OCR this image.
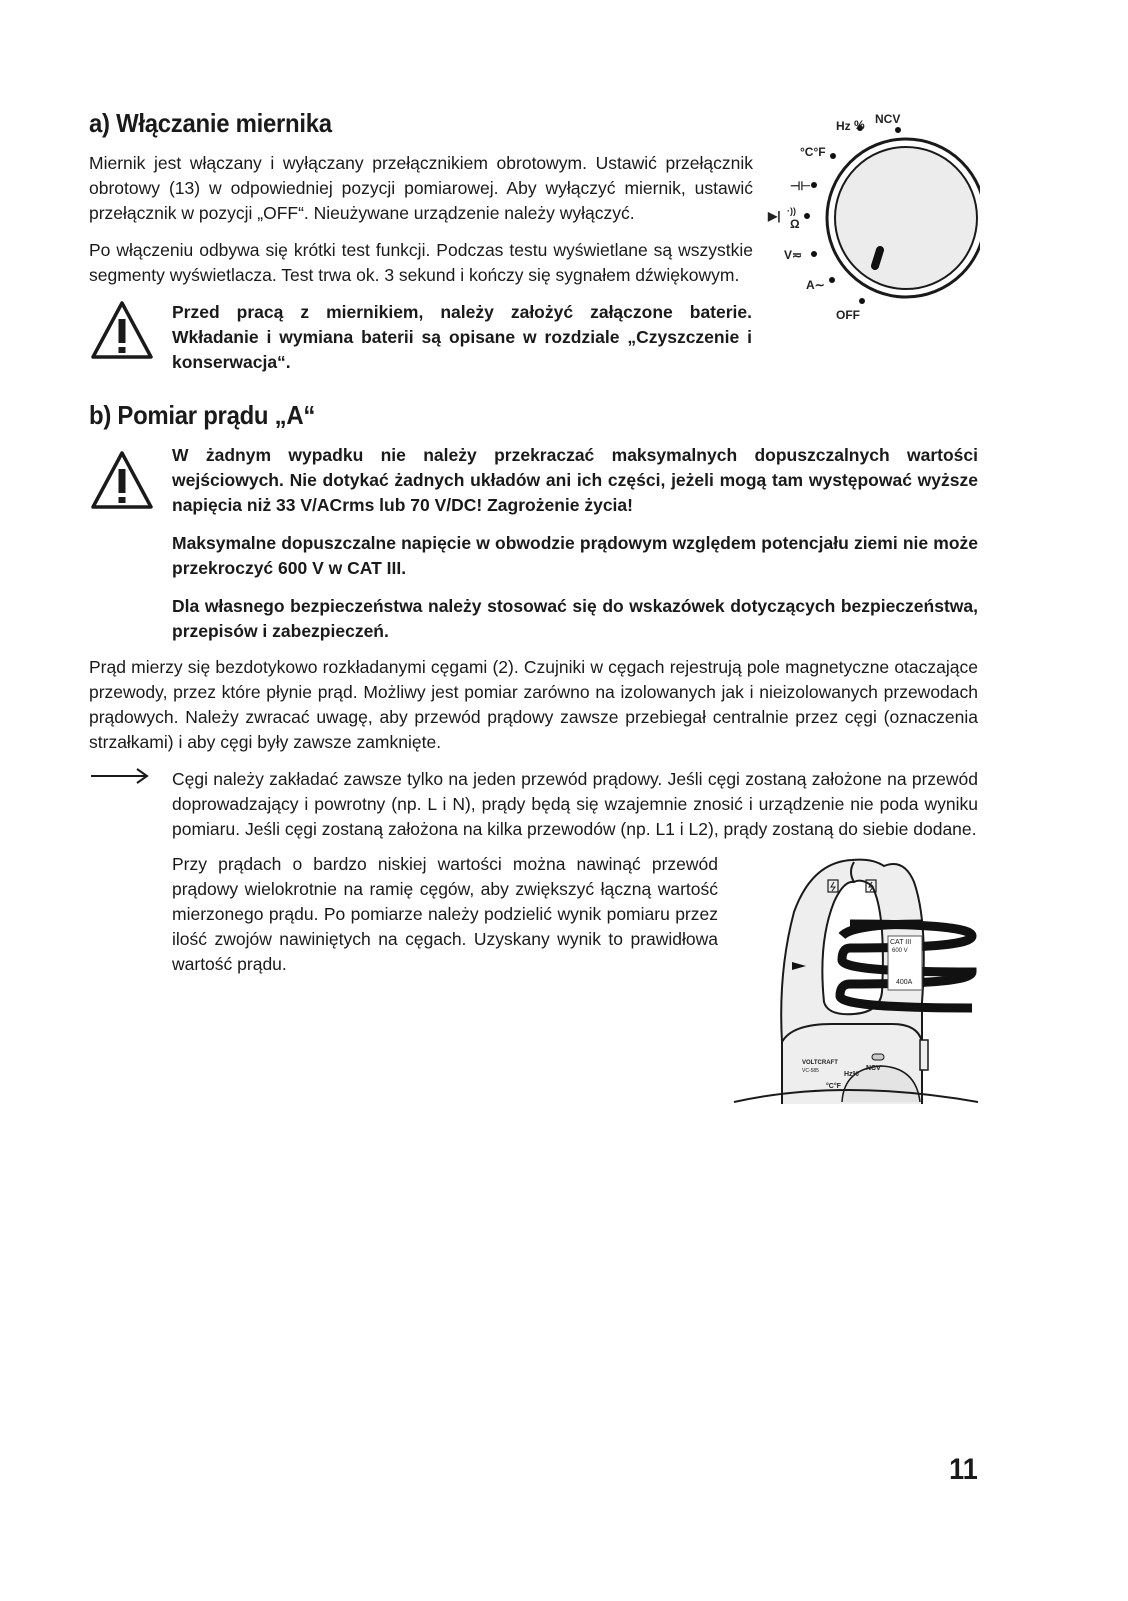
a) Włączanie miernika

Miernik jest włączany i wyłączany przełącznikiem obrotowym. Ustawić przełącznik obrotowy (13) w odpowiedniej pozycji pomiarowej. Aby wyłączyć miernik, ustawić przełącznik w pozycji „OFF“. Nieużywane urządzenie należy wyłączyć.

Po włączeniu odbywa się krótki test funkcji. Podczas testu wyświetlane są wszystkie segmenty wyświetlacza. Test trwa ok. 3 sekund i kończy się sygnałem dźwiękowym.

Przed pracą z miernikiem, należy założyć załączone baterie. Wkładanie i wymiana baterii są opisane w rozdziale „Czyszczenie i konserwacja“.

Hz % NCV
°C°F
⊣⊢
▶| ·))
Ω
V≂
A∼
OFF
b) Pomiar prądu „A“

W żadnym wypadku nie należy przekraczać maksymalnych dopuszczalnych wartości wejściowych. Nie dotykać żadnych układów ani ich części, jeżeli mogą tam występować wyższe napięcia niż 33 V/ACrms lub 70 V/DC! Zagrożenie życia!

Maksymalne dopuszczalne napięcie w obwodzie prądowym względem potencjału ziemi nie może przekroczyć 600 V w CAT III.

Dla własnego bezpieczeństwa należy stosować się do wskazówek dotyczących bezpieczeństwa, przepisów i zabezpieczeń.

Prąd mierzy się bezdotykowo rozkładanymi cęgami (2). Czujniki w cęgach rejestrują pole magnetyczne otaczające przewody, przez które płynie prąd. Możliwy jest pomiar zarówno na izolowanych jak i nieizolowanych przewodach prądowych. Należy zwracać uwagę, aby przewód prądowy zawsze przebiegał centralnie przez cęgi (oznaczenia strzałkami) i aby cęgi były zawsze zamknięte.

Cęgi należy zakładać zawsze tylko na jeden przewód prądowy. Jeśli cęgi zostaną założone na przewód doprowadzający i powrotny (np. L i N), prądy będą się wzajemnie znosić i urządzenie nie poda wyniku pomiaru. Jeśli cęgi zostaną założona na kilka przewodów (np. L1 i L2), prądy zostaną do siebie dodane.

Przy prądach o bardzo niskiej wartości można nawinąć przewód prądowy wielokrotnie na ramię cęgów, aby zwiększyć łączną wartość mierzonego prądu. Po pomiarze należy podzielić wynik pomiaru przez ilość zwojów nawiniętych na cęgach. Uzyskany wynik to prawidłowa wartość prądu.

CAT III
600 V
400A
VOLTCRAFT
VC-585	Hz%
NCV
°C°F
11
